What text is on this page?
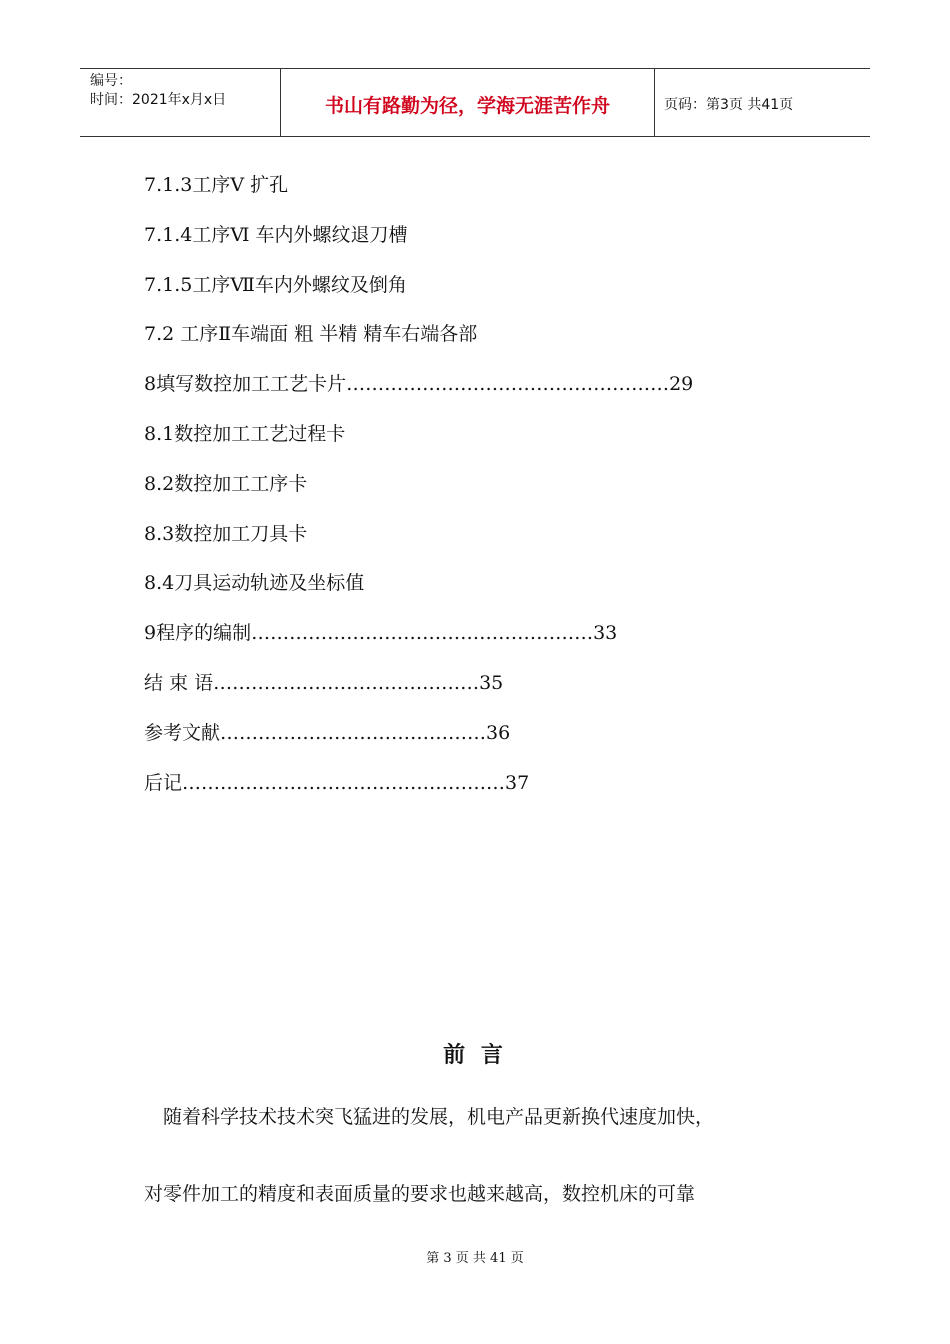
编号：
时间：2021年x月x日	书山有路勤为径，学海无涯苦作舟	页码：第3页 共41页
7.1.3工序Ⅴ 扩孔
7.1.4工序Ⅵ 车内外螺纹退刀槽
7.1.5工序Ⅶ车内外螺纹及倒角
7.2 工序Ⅱ车端面 粗 半精 精车右端各部
8填写数控加工工艺卡片……………………………………………29
8.1数控加工工艺过程卡
8.2数控加工工序卡
8.3数控加工刀具卡
8.4刀具运动轨迹及坐标值
9程序的编制………………………………………………33
结 束 语……………………………………35
参考文献……………………………………36
后记……………………………………………37
前 言
随着科学技术技术突飞猛进的发展，机电产品更新换代速度加快，
对零件加工的精度和表面质量的要求也越来越高，数控机床的可靠
第 3 页 共 41 页
